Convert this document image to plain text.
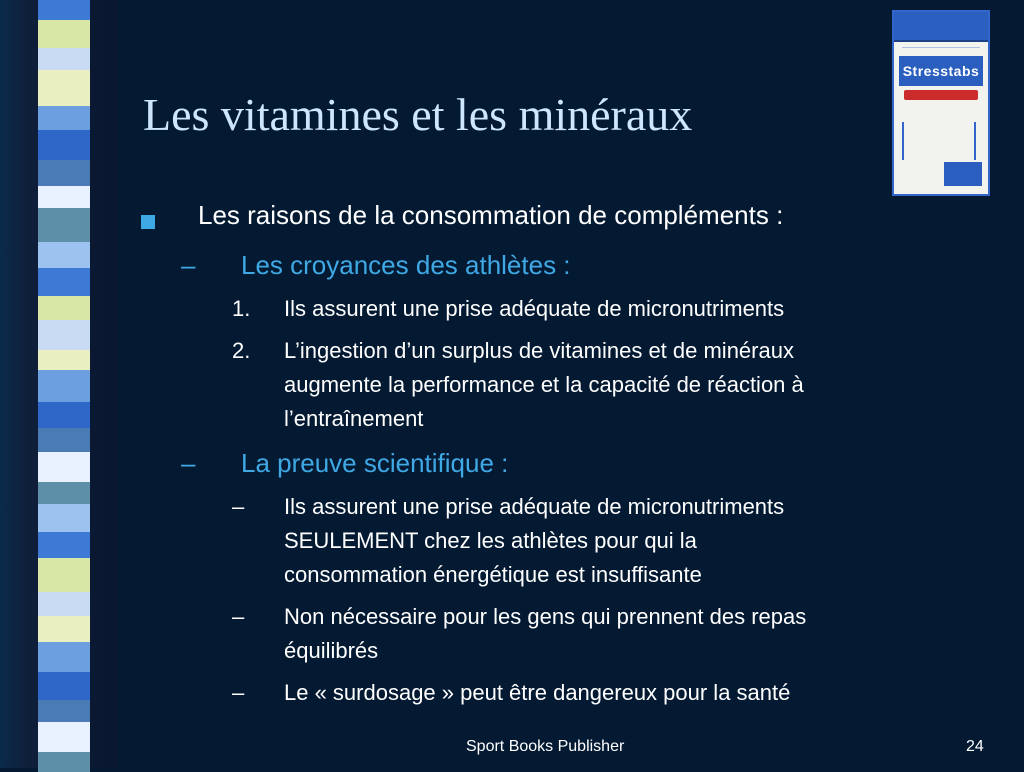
Les vitamines et les minéraux
Stresstabs
Les raisons de la consommation de compléments :
– Les croyances des athlètes :
1. Ils assurent une prise adéquate de micronutriments
2. L’ingestion d’un surplus de vitamines et de minéraux
augmente la performance et la capacité de réaction à
l’entraînement
– La preuve scientifique :
– Ils assurent une prise adéquate de micronutriments
SEULEMENT chez les athlètes pour qui la
consommation énergétique est insuffisante
– Non nécessaire pour les gens qui prennent des repas
équilibrés
– Le « surdosage » peut être dangereux pour la santé
Sport Books Publisher	24
